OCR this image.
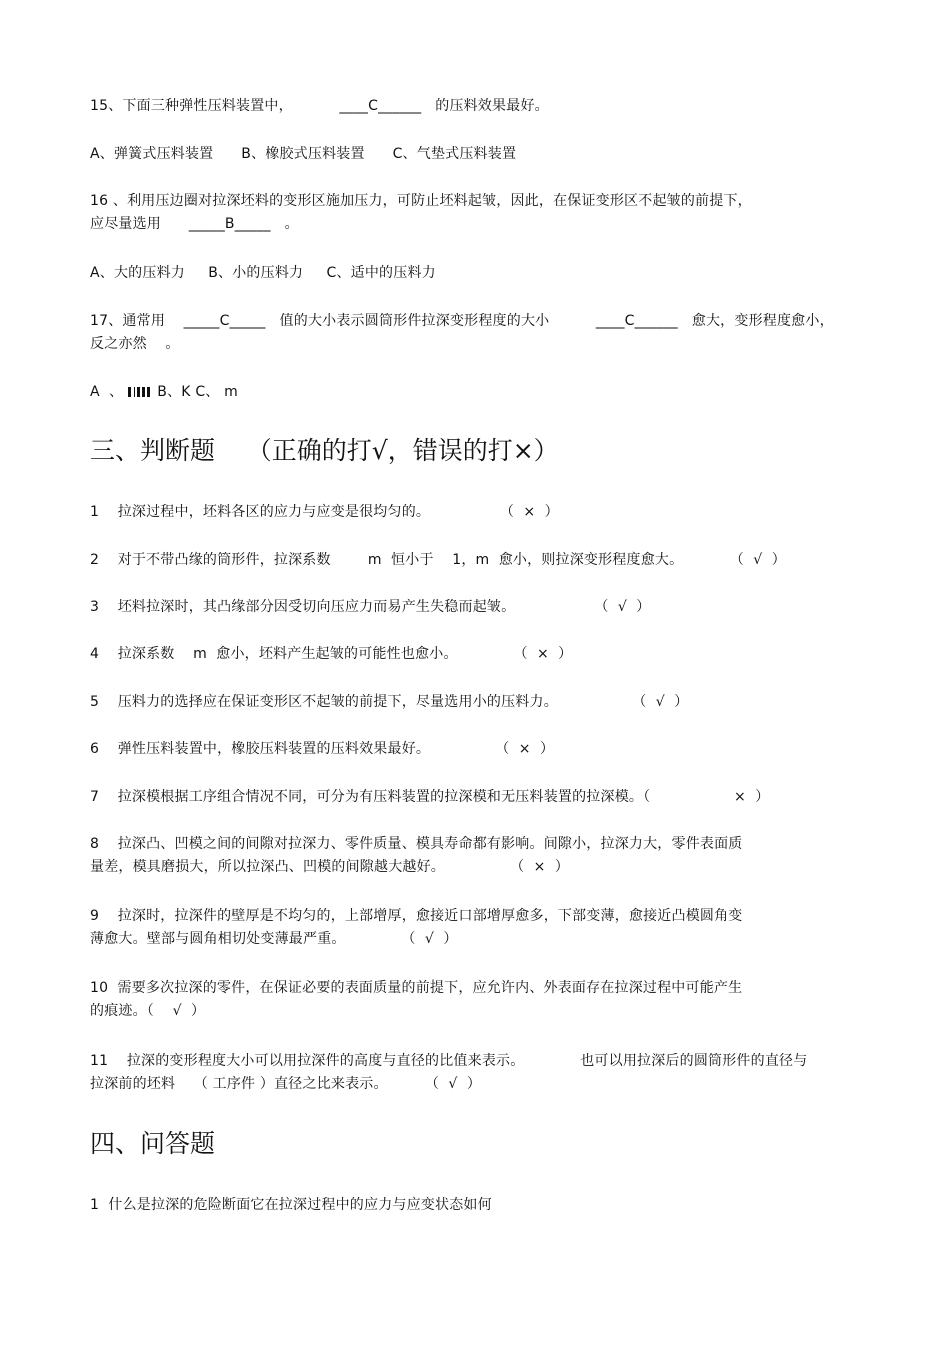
15、下面三种弹性压料装置中，          ____C______   的压料效果最好。
A、弹簧式压料装置      B、橡胶式压料装置      C、气垫式压料装置
16 、利用压边圈对拉深坯料的变形区施加压力，可防止坯料起皱，因此，在保证变形区不起皱的前提下，
应尽量选用      _____B_____   。
A、大的压料力     B、小的压料力     C、适中的压料力
17、通常用    _____C_____   值的大小表示圆筒形件拉深变形程度的大小          ____C______   愈大，变形程度愈小，
反之亦然    。
A  、 B、K C、 m
三、判断题    （正确的打√，错误的打×）
1    拉深过程中，坯料各区的应力与应变是很均匀的。               （  ×  ）
2    对于不带凸缘的筒形件，拉深系数        m  恒小于    1，m  愈小，则拉深变形程度愈大。          （  √  ）
3    坯料拉深时，其凸缘部分因受切向压应力而易产生失稳而起皱。                 （  √  ）
4    拉深系数    m  愈小，坯料产生起皱的可能性也愈小。            （  ×  ）
5    压料力的选择应在保证变形区不起皱的前提下，尽量选用小的压料力。                （  √  ）
6    弹性压料装置中，橡胶压料装置的压料效果最好。              （  ×  ）
7    拉深模根据工序组合情况不同，可分为有压料装置的拉深模和无压料装置的拉深模。（                  ×  ）
8    拉深凸、凹模之间的间隙对拉深力、零件质量、模具寿命都有影响。间隙小，拉深力大，零件表面质
量差，模具磨损大，所以拉深凸、凹模的间隙越大越好。              （  ×  ）
9    拉深时，拉深件的壁厚是不均匀的，上部增厚，愈接近口部增厚愈多，下部变薄，愈接近凸模圆角变
薄愈大。壁部与圆角相切处变薄最严重。            （  √  ）
10  需要多次拉深的零件，在保证必要的表面质量的前提下，应允许内、外表面存在拉深过程中可能产生
的痕迹。（    √  ）
11    拉深的变形程度大小可以用拉深件的高度与直径的比值来表示。            也可以用拉深后的圆筒形件的直径与
拉深前的坯料    （ 工序件 ）直径之比来表示。        （  √  ）
四、问答题
1  什么是拉深的危险断面它在拉深过程中的应力与应变状态如何
